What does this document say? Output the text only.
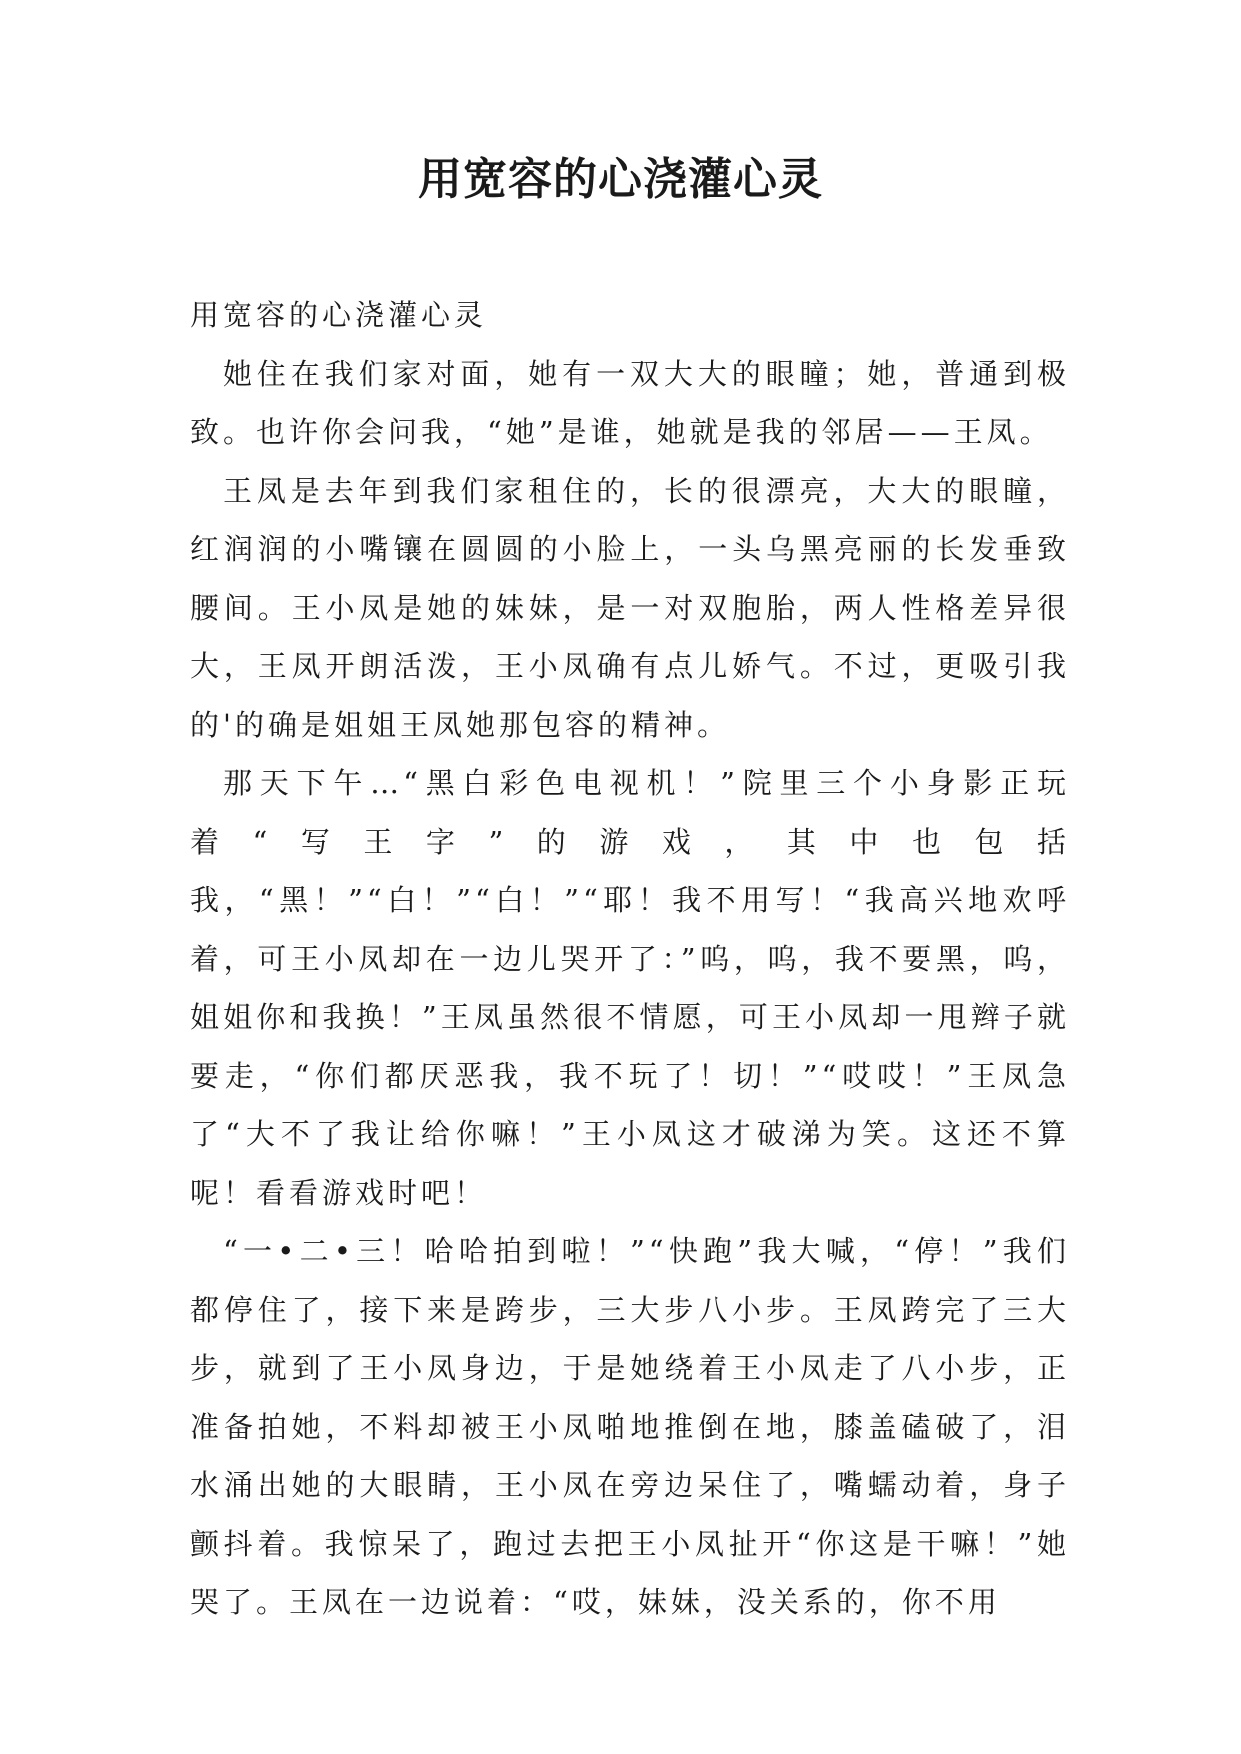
用宽容的心浇灌心灵

用宽容的心浇灌心灵

她住在我们家对面，她有一双大大的眼瞳；她，普通到极致。也许你会问我，“她”是谁，她就是我的邻居——王凤。

王凤是去年到我们家租住的，长的很漂亮，大大的眼瞳，红润润的小嘴镶在圆圆的小脸上，一头乌黑亮丽的长发垂致腰间。王小凤是她的妹妹，是一对双胞胎，两人性格差异很大，王凤开朗活泼，王小凤确有点儿娇气。不过，更吸引我的'的确是姐姐王凤她那包容的精神。

那天下午…“黑白彩色电视机！”院里三个小身影正玩着“写王字”的游戏，其中也包括我，“黑！”“白！”“白！”“耶！我不用写！“我高兴地欢呼着，可王小凤却在一边儿哭开了：”呜，呜，我不要黑，呜，姐姐你和我换！”王凤虽然很不情愿，可王小凤却一甩辫子就要走，“你们都厌恶我，我不玩了！切！”“哎哎！”王凤急了“大不了我让给你嘛！”王小凤这才破涕为笑。这还不算呢！看看游戏时吧！

“一•二•三！哈哈拍到啦！”“快跑”我大喊，“停！”我们都停住了，接下来是跨步，三大步八小步。王凤跨完了三大步，就到了王小凤身边，于是她绕着王小凤走了八小步，正准备拍她，不料却被王小凤啪地推倒在地，膝盖磕破了，泪水涌出她的大眼睛，王小凤在旁边呆住了，嘴蠕动着，身子颤抖着。我惊呆了，跑过去把王小凤扯开“你这是干嘛！”她哭了。王凤在一边说着：“哎，妹妹，没关系的，你不用
